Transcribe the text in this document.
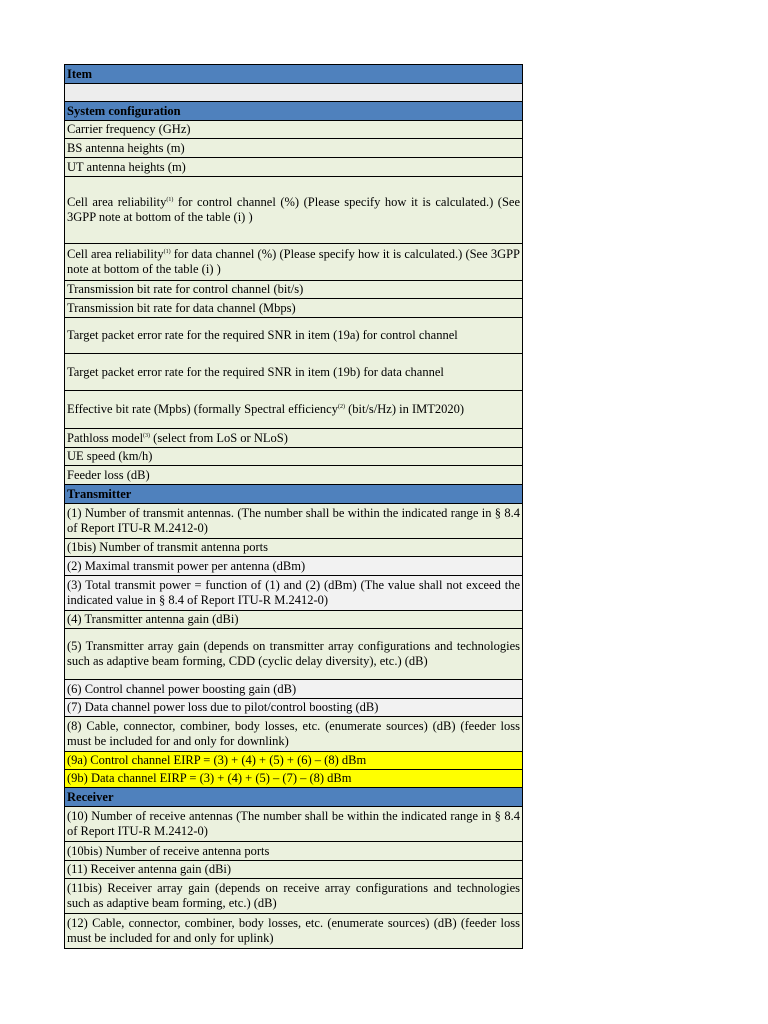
Item

System configuration
Carrier frequency (GHz)
BS antenna heights (m)
UT antenna heights (m)
Cell area reliability$^{(1)}$ for control channel (%) (Please specify how it is calculated.) (See 3GPP note at bottom of the table (i) )
Cell area reliability$^{(1)}$ for data channel (%) (Please specify how it is calculated.) (See 3GPP note at bottom of the table (i) )
Transmission bit rate for control channel (bit/s)
Transmission bit rate for data channel (Mbps)
Target packet error rate for the required SNR in item (19a) for control channel
Target packet error rate for the required SNR in item (19b) for data channel
Effective bit rate (Mpbs) (formally Spectral efficiency$^{(2)}$ (bit/s/Hz) in IMT2020)
Pathloss model$^{(3)}$ (select from LoS or NLoS)
UE speed (km/h)
Feeder loss (dB)
Transmitter
(1) Number of transmit antennas. (The number shall be within the indicated range in § 8.4 of Report ITU-R M.2412-0)
(1bis) Number of transmit antenna ports
(2) Maximal transmit power per antenna (dBm)
(3) Total transmit power = function of (1) and (2) (dBm) (The value shall not exceed the indicated value in § 8.4 of Report ITU-R M.2412-0)
(4) Transmitter antenna gain (dBi)
(5) Transmitter array gain (depends on transmitter array configurations and technologies such as adaptive beam forming, CDD (cyclic delay diversity), etc.) (dB)
(6) Control channel power boosting gain (dB)
(7) Data channel power loss due to pilot/control boosting (dB)
(8) Cable, connector, combiner, body losses, etc. (enumerate sources) (dB) (feeder loss must be included for and only for downlink)
(9a) Control channel EIRP = (3) + (4) + (5) + (6) – (8) dBm
(9b) Data channel EIRP = (3) + (4) + (5) – (7) – (8) dBm
Receiver
(10) Number of receive antennas (The number shall be within the indicated range in § 8.4 of Report ITU-R M.2412-0)
(10bis) Number of receive antenna ports
(11) Receiver antenna gain (dBi)
(11bis) Receiver array gain (depends on receive array configurations and technologies such as adaptive beam forming, etc.) (dB)
(12) Cable, connector, combiner, body losses, etc. (enumerate sources) (dB) (feeder loss must be included for and only for uplink)
